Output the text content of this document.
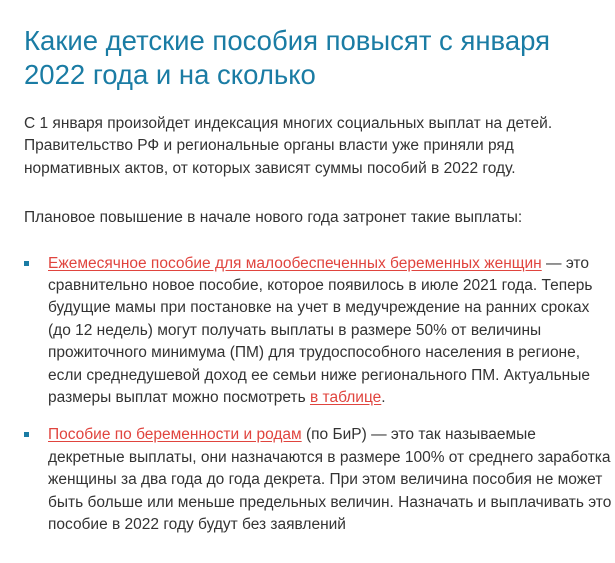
Какие детские пособия повысят с января 2022 года и на сколько

С 1 января произойдет индексация многих социальных выплат на детей. Правительство РФ и региональные органы власти уже приняли ряд нормативных актов, от которых зависят суммы пособий в 2022 году.

Плановое повышение в начале нового года затронет такие выплаты:

Ежемесячное пособие для малообеспеченных беременных женщин — это сравнительно новое пособие, которое появилось в июле 2021 года. Теперь будущие мамы при постановке на учет в медучреждение на ранних сроках (до 12 недель) могут получать выплаты в размере 50% от величины прожиточного минимума (ПМ) для трудоспособного населения в регионе, если среднедушевой доход ее семьи ниже регионального ПМ. Актуальные размеры выплат можно посмотреть в таблице.
Пособие по беременности и родам (по БиР) — это так называемые декретные выплаты, они назначаются в размере 100% от среднего заработка женщины за два года до года декрета. При этом величина пособия не может быть больше или меньше предельных величин. Назначать и выплачивать это пособие в 2022 году будут без заявлений
